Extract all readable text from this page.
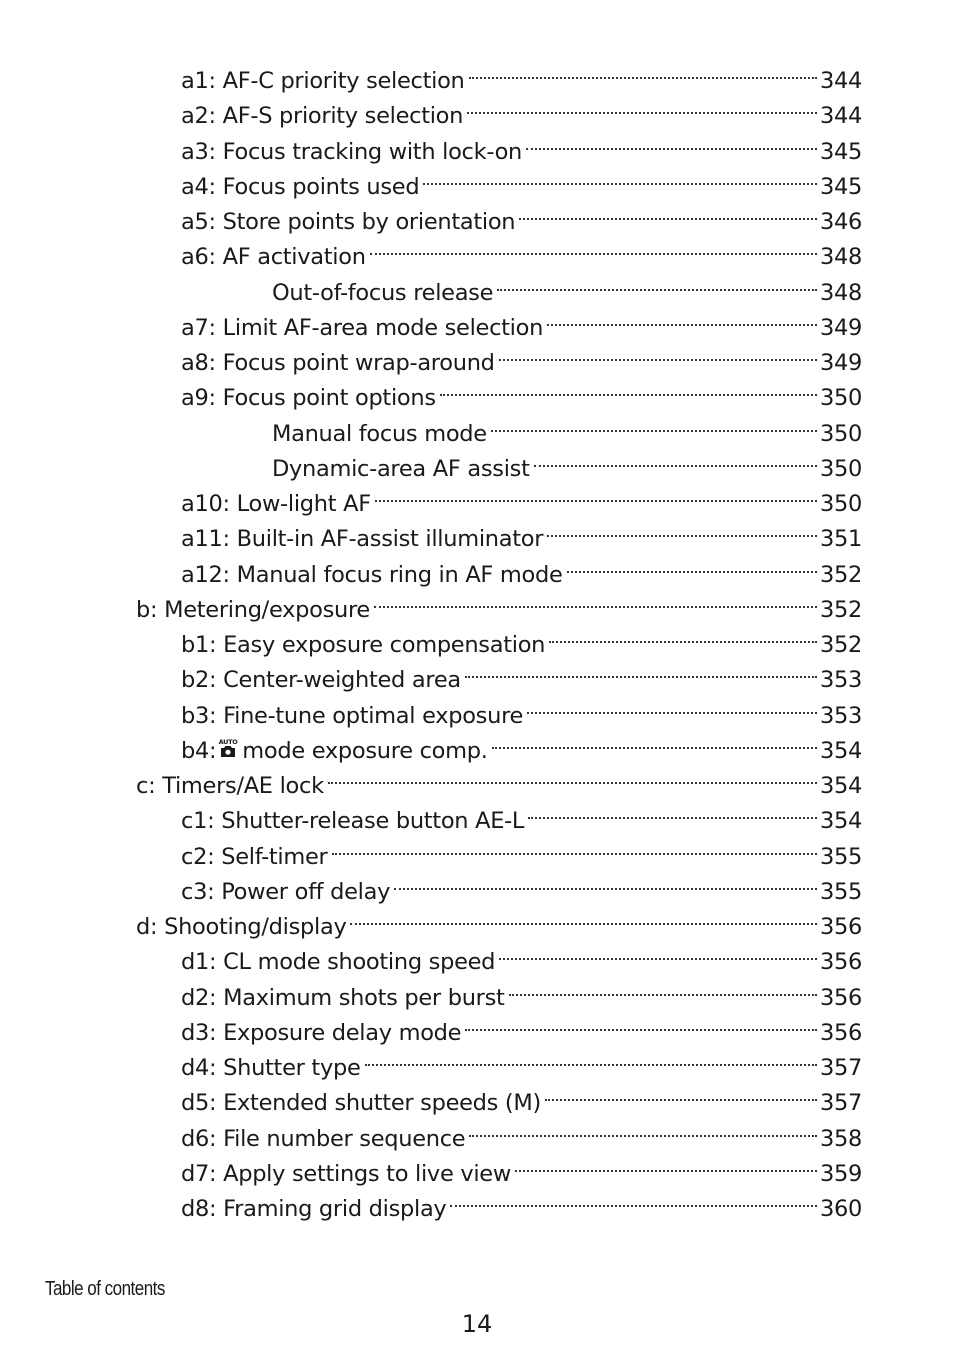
a1: AF-C priority selection	344
a2: AF-S priority selection	344
a3: Focus tracking with lock-on	345
a4: Focus points used	345
a5: Store points by orientation	346
a6: AF activation	348
Out-of-focus release	348
a7: Limit AF-area mode selection	349
a8: Focus point wrap-around	349
a9: Focus point options	350
Manual focus mode	350
Dynamic-area AF assist	350
a10: Low-light AF	350
a11: Built-in AF-assist illuminator	351
a12: Manual focus ring in AF mode	352
b: Metering/exposure	352
b1: Easy exposure compensation	352
b2: Center-weighted area	353
b3: Fine-tune optimal exposure	353
b4: AUTO mode exposure comp.	354
c: Timers/AE lock	354
c1: Shutter-release button AE-L	354
c2: Self-timer	355
c3: Power off delay	355
d: Shooting/display	356
d1: CL mode shooting speed	356
d2: Maximum shots per burst	356
d3: Exposure delay mode	356
d4: Shutter type	357
d5: Extended shutter speeds (M)	357
d6: File number sequence	358
d7: Apply settings to live view	359
d8: Framing grid display	360
Table of contents
14
